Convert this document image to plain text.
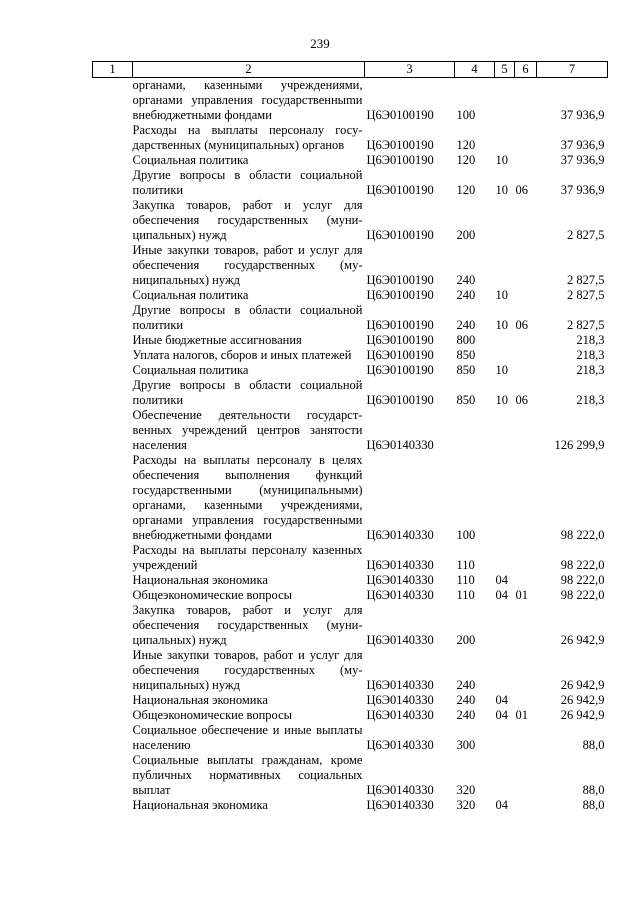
239
1	2	3	4	5	6	7
	органами, казенными учреждениями, органами управления государственныmи внебюджетными фондами	Ц6Э0100190	100			37 936,9
	Расходы на выплаты персоналу государственных (муниципальных) органов	Ц6Э0100190	120			37 936,9
	Социальная политика	Ц6Э0100190	120	10		37 936,9
	Другие вопросы в области социальной политики	Ц6Э0100190	120	10	06	37 936,9
	Закупка товаров, работ и услуг для обеспечения государственных (муниципальных) нужд	Ц6Э0100190	200			2 827,5
	Иные закупки товаров, работ и услуг для обеспечения государственных (муниципальных) нужд	Ц6Э0100190	240			2 827,5
	Социальная политика	Ц6Э0100190	240	10		2 827,5
	Другие вопросы в области социальной политики	Ц6Э0100190	240	10	06	2 827,5
	Иные бюджетные ассигнования	Ц6Э0100190	800			218,3
	Уплата налогов, сборов и иных платежей	Ц6Э0100190	850			218,3
	Социальная политика	Ц6Э0100190	850	10		218,3
	Другие вопросы в области социальной политики	Ц6Э0100190	850	10	06	218,3
	Обеспечение деятельности государственных учреждений центров занятости населения	Ц6Э0140330				126 299,9
	Расходы на выплаты персоналу в целях обеспечения выполнения функций государственными (муниципальными) органами, казенными учреждениями, органами управления государственными внебюджетными фондами	Ц6Э0140330	100			98 222,0
	Расходы на выплаты персоналу казенных учреждений	Ц6Э0140330	110			98 222,0
	Национальная экономика	Ц6Э0140330	110	04		98 222,0
	Общеэкономические вопросы	Ц6Э0140330	110	04	01	98 222,0
	Закупка товаров, работ и услуг для обеспечения государственных (муниципальных) нужд	Ц6Э0140330	200			26 942,9
	Иные закупки товаров, работ и услуг для обеспечения государственных (муниципальных) нужд	Ц6Э0140330	240			26 942,9
	Национальная экономика	Ц6Э0140330	240	04		26 942,9
	Общеэкономические вопросы	Ц6Э0140330	240	04	01	26 942,9
	Социальное обеспечение и иные выплаты населению	Ц6Э0140330	300			88,0
	Социальные выплаты гражданам, кроме публичных нормативных социальных выплат	Ц6Э0140330	320			88,0
	Национальная экономика	Ц6Э0140330	320	04		88,0
